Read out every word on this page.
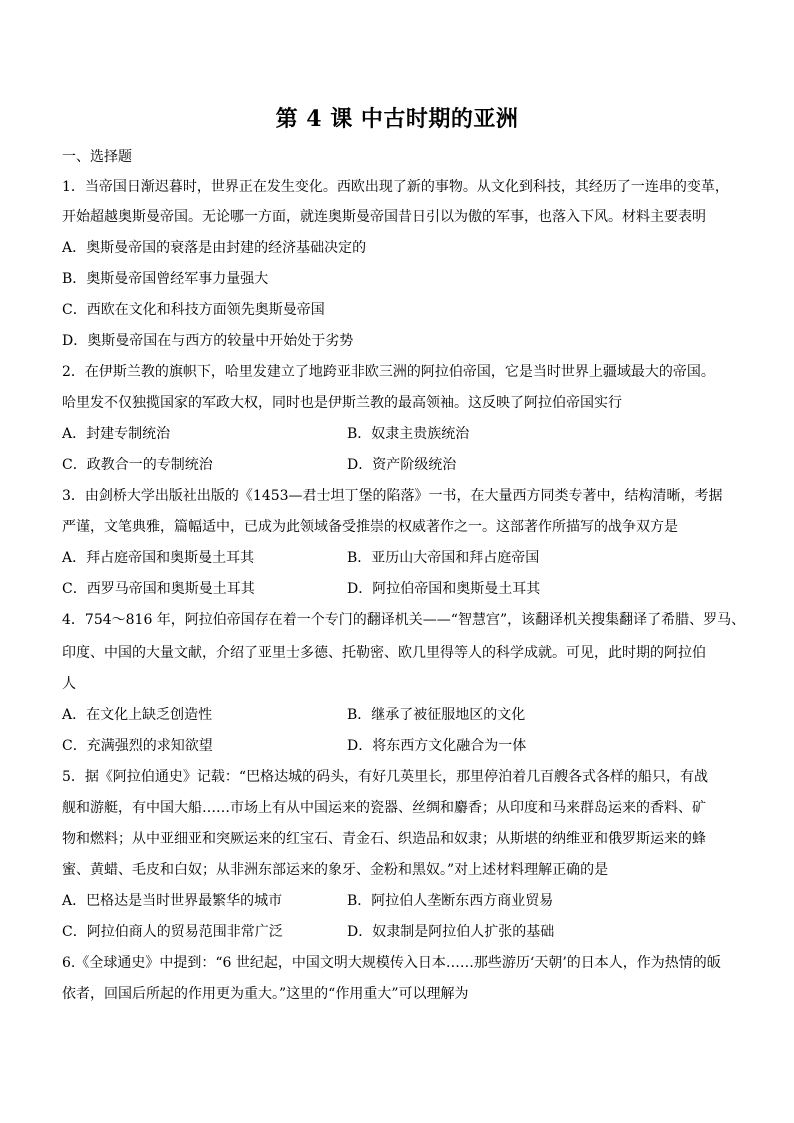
第 4 课 中古时期的亚洲
一、选择题
1．当帝国日渐迟暮时，世界正在发生变化。西欧出现了新的事物。从文化到科技，其经历了一连串的变革，
开始超越奥斯曼帝国。无论哪一方面，就连奥斯曼帝国昔日引以为傲的军事，也落入下风。材料主要表明
A．奥斯曼帝国的衰落是由封建的经济基础决定的
B．奥斯曼帝国曾经军事力量强大
C．西欧在文化和科技方面领先奥斯曼帝国
D．奥斯曼帝国在与西方的较量中开始处于劣势
2．在伊斯兰教的旗帜下，哈里发建立了地跨亚非欧三洲的阿拉伯帝国，它是当时世界上疆域最大的帝国。
哈里发不仅独揽国家的军政大权，同时也是伊斯兰教的最高领袖。这反映了阿拉伯帝国实行
A．封建专制统治	B．奴隶主贵族统治
C．政教合一的专制统治	D．资产阶级统治
3．由剑桥大学出版社出版的《1453—君士坦丁堡的陷落》一书，在大量西方同类专著中，结构清晰，考据
严谨，文笔典雅，篇幅适中，已成为此领域备受推崇的权威著作之一。这部著作所描写的战争双方是
A．拜占庭帝国和奥斯曼土耳其	B．亚历山大帝国和拜占庭帝国
C．西罗马帝国和奥斯曼土耳其	D．阿拉伯帝国和奥斯曼土耳其
4．754～816 年，阿拉伯帝国存在着一个专门的翻译机关——“智慧宫”，该翻译机关搜集翻译了希腊、罗马、
印度、中国的大量文献，介绍了亚里士多德、托勒密、欧几里得等人的科学成就。可见，此时期的阿拉伯
人
A．在文化上缺乏创造性	B．继承了被征服地区的文化
C．充满强烈的求知欲望	D．将东西方文化融合为一体
5．据《阿拉伯通史》记载：“巴格达城的码头，有好几英里长，那里停泊着几百艘各式各样的船只，有战
舰和游艇，有中国大船……市场上有从中国运来的瓷器、丝绸和麝香；从印度和马来群岛运来的香料、矿
物和燃料；从中亚细亚和突厥运来的红宝石、青金石、织造品和奴隶；从斯堪的纳维亚和俄罗斯运来的蜂
蜜、黄蜡、毛皮和白奴；从非洲东部运来的象牙、金粉和黑奴。”对上述材料理解正确的是
A．巴格达是当时世界最繁华的城市	B．阿拉伯人垄断东西方商业贸易
C．阿拉伯商人的贸易范围非常广泛	D．奴隶制是阿拉伯人扩张的基础
6.《全球通史》中提到：“6 世纪起，中国文明大规模传入日本……那些游历‘天朝’的日本人，作为热情的皈
依者，回国后所起的作用更为重大。”这里的“作用重大”可以理解为
